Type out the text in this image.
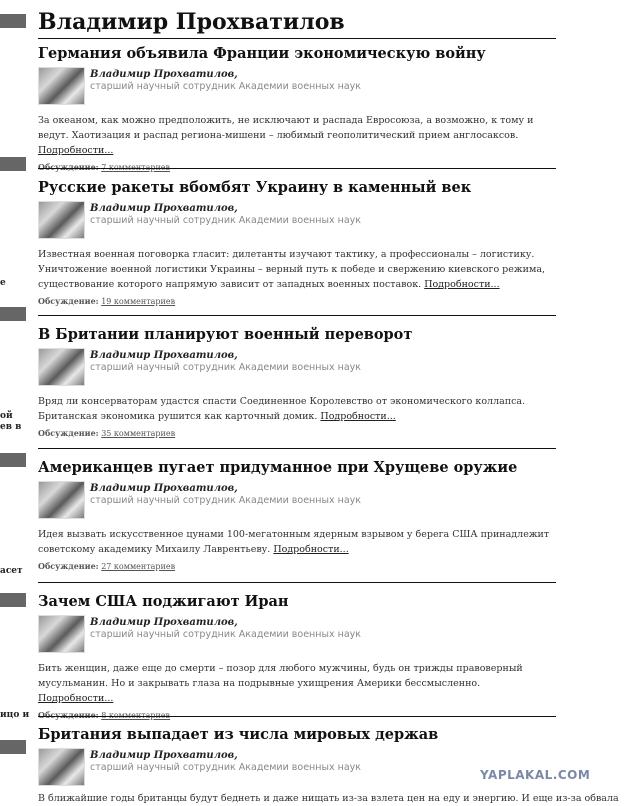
е
ой
ев в
асет
ицо и
Владимир Прохватилов
Германия объявила Франции экономическую войну
Владимир Прохватилов,
старший научный сотрудник Академии военных наук
За океаном, как можно предположить, не исключают и распада Евросоюза, а возможно, к тому и ведут. Хаотизация и распад региона-мишени – любимый геополитический прием англосаксов. Подробности...
Обсуждение: 7 комментариев
Русские ракеты вбомбят Украину в каменный век
Владимир Прохватилов,
старший научный сотрудник Академии военных наук
Известная военная поговорка гласит: дилетанты изучают тактику, а профессионалы – логистику. Уничтожение военной логистики Украины – верный путь к победе и свержению киевского режима, существование которого напрямую зависит от западных военных поставок. Подробности...
Обсуждение: 19 комментариев
В Британии планируют военный переворот
Владимир Прохватилов,
старший научный сотрудник Академии военных наук
Вряд ли консерваторам удастся спасти Соединенное Королевство от экономического коллапса. Британская экономика рушится как карточный домик. Подробности...
Обсуждение: 35 комментариев
Американцев пугает придуманное при Хрущеве оружие
Владимир Прохватилов,
старший научный сотрудник Академии военных наук
Идея вызвать искусственное цунами 100-мегатонным ядерным взрывом у берега США принадлежит советскому академику Михаилу Лаврентьеву. Подробности...
Обсуждение: 27 комментариев
Зачем США поджигают Иран
Владимир Прохватилов,
старший научный сотрудник Академии военных наук
Бить женщин, даже еще до смерти – позор для любого мужчины, будь он трижды правоверный мусульманин. Но и закрывать глаза на подрывные ухищрения Америки бессмысленно. Подробности...
Обсуждение: 8 комментариев
Британия выпадает из числа мировых держав
Владимир Прохватилов,
старший научный сотрудник Академии военных наук
В ближайшие годы британцы будут беднеть и даже нищать из-за взлета цен на еду и энергию. И еще из-за обвала
YAPLAKAL.COM
